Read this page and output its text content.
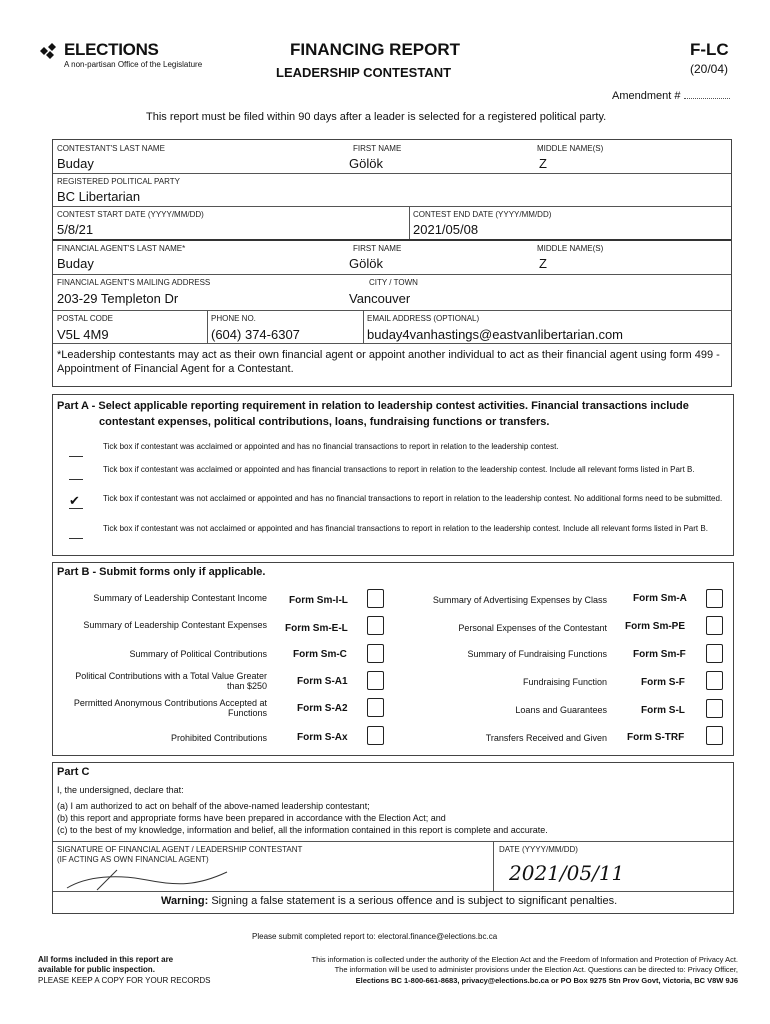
ELECTIONS
A non-partisan Office of the Legislature
FINANCING REPORT
LEADERSHIP CONTESTANT
F-LC
(20/04)
Amendment #
This report must be filed within 90 days after a leader is selected for a registered political party.
CONTESTANT'S LAST NAME
Buday
FIRST NAME
Gölök
MIDDLE NAME(S)
Z
REGISTERED POLITICAL PARTY
BC Libertarian
CONTEST START DATE (YYYY/MM/DD)
5/8/21
CONTEST END DATE (YYYY/MM/DD)
2021/05/08
FINANCIAL AGENT'S LAST NAME*
Buday
FIRST NAME
Gölök
MIDDLE NAME(S)
Z
FINANCIAL AGENT'S MAILING ADDRESS
203-29 Templeton Dr
CITY / TOWN
Vancouver
POSTAL CODE
V5L 4M9
PHONE NO.
(604) 374-6307
EMAIL ADDRESS (OPTIONAL)
buday4vanhastings@eastvanlibertarian.com
*Leadership contestants may act as their own financial agent or appoint another individual to act as their financial agent using form 499 - Appointment of Financial Agent for a Contestant.
Part A - Select applicable reporting requirement in relation to leadership contest activities. Financial transactions include
contestant expenses, political contributions, loans, fundraising functions or transfers.
Tick box if contestant was acclaimed or appointed and has no financial transactions to report in relation to the leadership contest.
Tick box if contestant was acclaimed or appointed and has financial transactions to report in relation to the leadership contest. Include all relevant forms listed in Part B.
✔	Tick box if contestant was not acclaimed or appointed and has no financial transactions to report in relation to the leadership contest. No additional forms need to be submitted.
Tick box if contestant was not acclaimed or appointed and has financial transactions to report in relation to the leadership contest. Include all relevant forms listed in Part B.
Part B - Submit forms only if applicable.
Summary of Leadership Contestant Income Form Sm-I-L
Summary of Leadership Contestant Expenses Form Sm-E-L
Summary of Political Contributions	Form Sm-C
Political Contributions with a Total Value Greater than $250	Form S-A1
Permitted Anonymous Contributions Accepted at Functions	Form S-A2
Prohibited Contributions	Form S-Ax
Summary of Advertising Expenses by Class	Form Sm-A
Personal Expenses of the Contestant Form Sm-PE
Summary of Fundraising Functions	Form Sm-F
Fundraising Function	Form S-F
Loans and Guarantees	Form S-L
Transfers Received and Given Form S-TRF
Part C
I, the undersigned, declare that:
(a) I am authorized to act on behalf of the above-named leadership contestant;
(b) this report and appropriate forms have been prepared in accordance with the Election Act; and
(c) to the best of my knowledge, information and belief, all the information contained in this report is complete and accurate.
SIGNATURE OF FINANCIAL AGENT / LEADERSHIP CONTESTANT
(IF ACTING AS OWN FINANCIAL AGENT)
DATE (YYYY/MM/DD)
2021/05/11
Warning: Signing a false statement is a serious offence and is subject to significant penalties.
Please submit completed report to: electoral.finance@elections.bc.ca
All forms included in this report are
available for public inspection.
PLEASE KEEP A COPY FOR YOUR RECORDS
This information is collected under the authority of the Election Act and the Freedom of Information and Protection of Privacy Act.
The information will be used to administer provisions under the Election Act. Questions can be directed to: Privacy Officer,
Elections BC 1-800-661-8683, privacy@elections.bc.ca or PO Box 9275 Stn Prov Govt, Victoria, BC V8W 9J6
